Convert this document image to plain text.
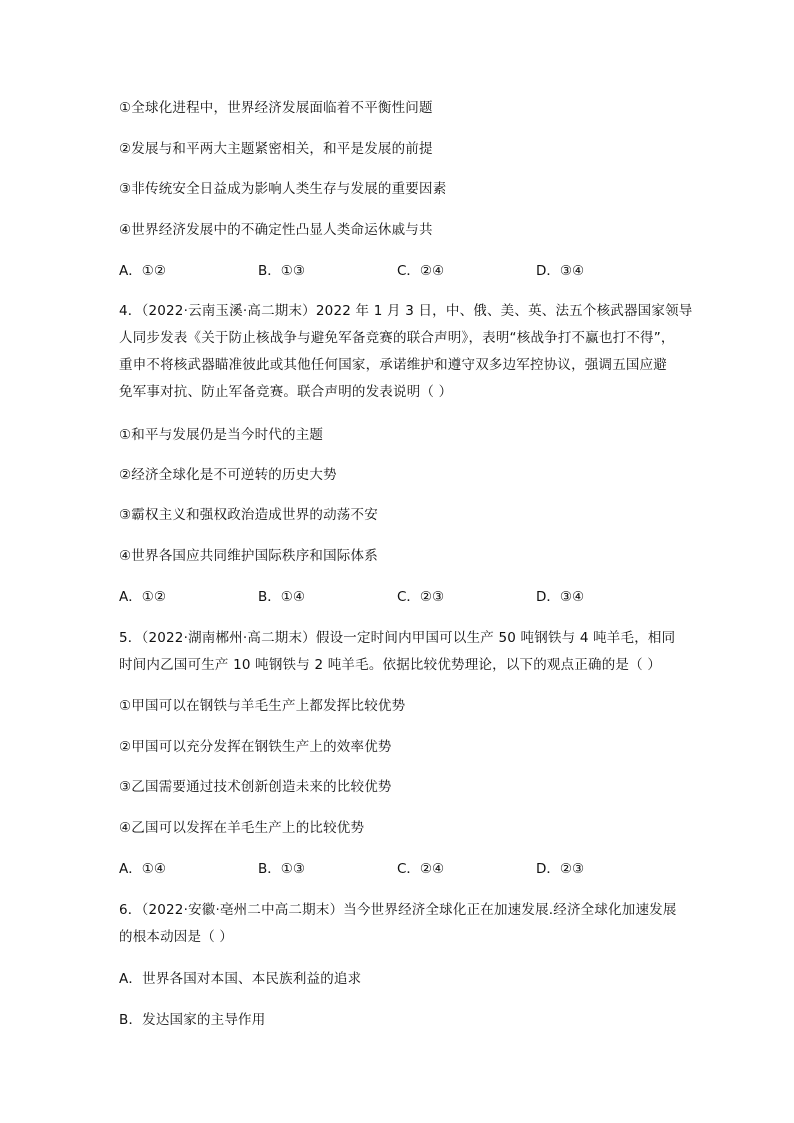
①全球化进程中，世界经济发展面临着不平衡性问题
②发展与和平两大主题紧密相关，和平是发展的前提
③非传统安全日益成为影响人类生存与发展的重要因素
④世界经济发展中的不确定性凸显人类命运休戚与共
A．①②	B．①③	C．②④	D．③④
4．（2022·云南玉溪·高二期末）2022 年 1 月 3 日，中、俄、美、英、法五个核武器国家领导
人同步发表《关于防止核战争与避免军备竞赛的联合声明》，表明“核战争打不赢也打不得”，
重申不将核武器瞄准彼此或其他任何国家，承诺维护和遵守双多边军控协议，强调五国应避
免军事对抗、防止军备竞赛。联合声明的发表说明（ ）
①和平与发展仍是当今时代的主题
②经济全球化是不可逆转的历史大势
③霸权主义和强权政治造成世界的动荡不安
④世界各国应共同维护国际秩序和国际体系
A．①②	B．①④	C．②③	D．③④
5．（2022·湖南郴州·高二期末）假设一定时间内甲国可以生产 50 吨钢铁与 4 吨羊毛，相同
时间内乙国可生产 10 吨钢铁与 2 吨羊毛。依据比较优势理论，以下的观点正确的是（ ）
①甲国可以在钢铁与羊毛生产上都发挥比较优势
②甲国可以充分发挥在钢铁生产上的效率优势
③乙国需要通过技术创新创造未来的比较优势
④乙国可以发挥在羊毛生产上的比较优势
A．①④	B．①③	C．②④	D．②③
6．（2022·安徽·亳州二中高二期末）当今世界经济全球化正在加速发展.经济全球化加速发展
的根本动因是（ ）
A．世界各国对本国、本民族利益的追求
B．发达国家的主导作用
